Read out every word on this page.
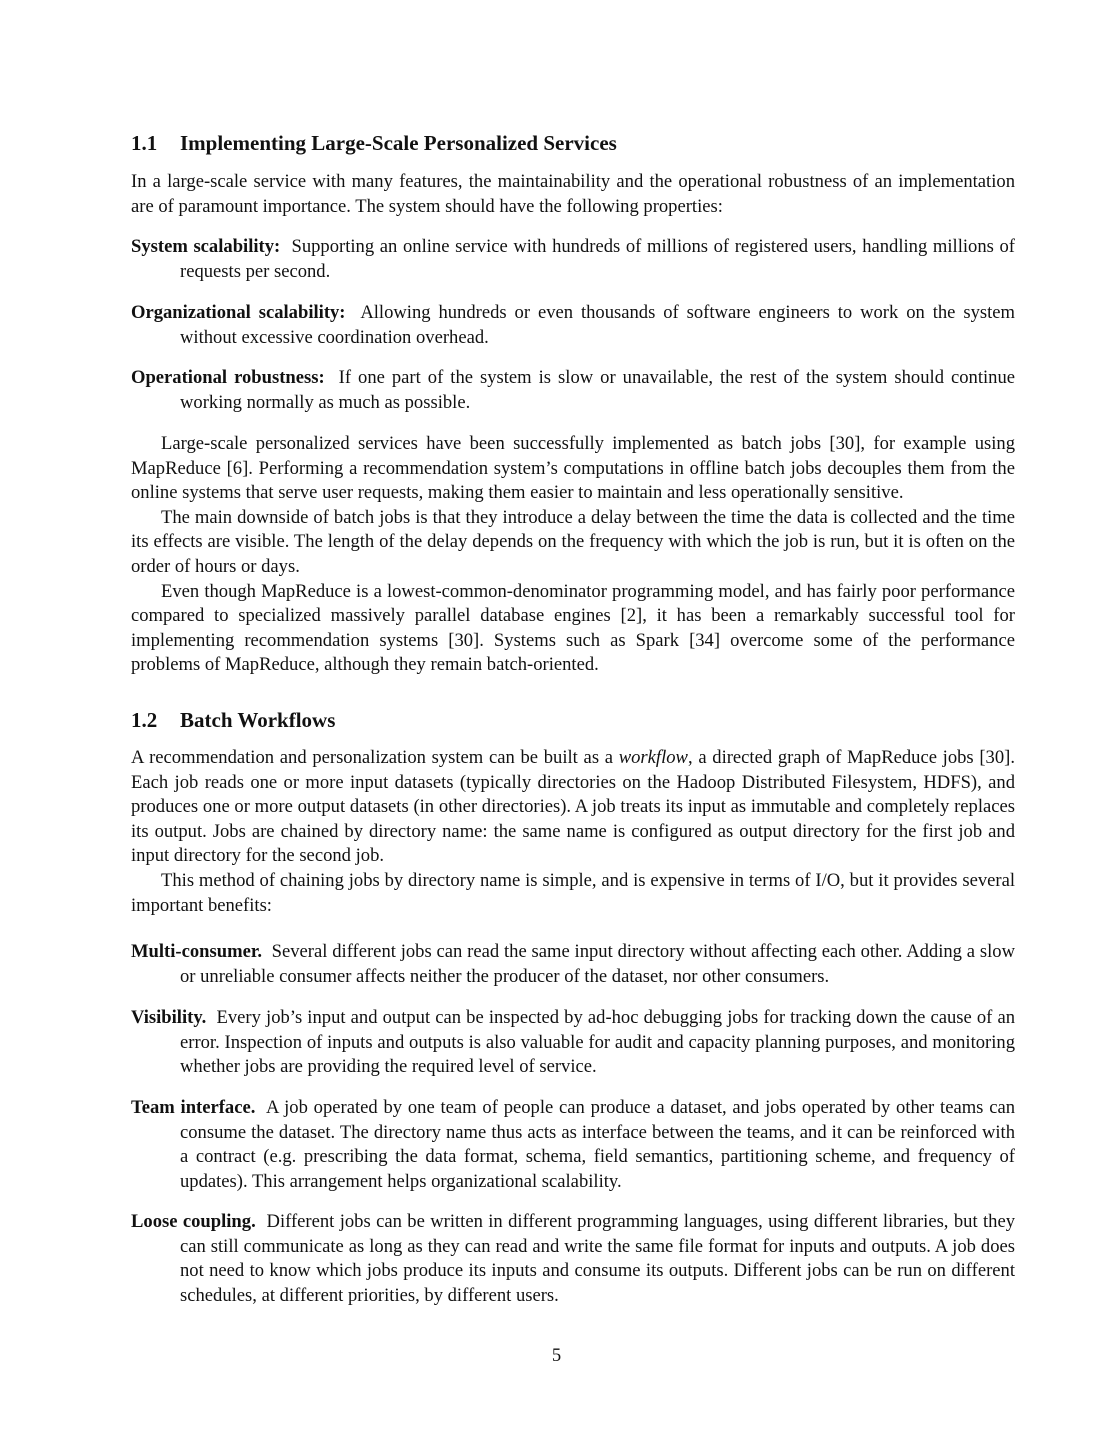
1.1 Implementing Large-Scale Personalized Services

In a large-scale service with many features, the maintainability and the operational robustness of an implementation are of paramount importance. The system should have the following properties:

System scalability: Supporting an online service with hundreds of millions of registered users, handling millions of requests per second.

Organizational scalability: Allowing hundreds or even thousands of software engineers to work on the system without excessive coordination overhead.

Operational robustness: If one part of the system is slow or unavailable, the rest of the system should continue working normally as much as possible.

Large-scale personalized services have been successfully implemented as batch jobs [30], for example using MapReduce [6]. Performing a recommendation system’s computations in offline batch jobs decouples them from the online systems that serve user requests, making them easier to maintain and less operationally sensitive.

The main downside of batch jobs is that they introduce a delay between the time the data is collected and the time its effects are visible. The length of the delay depends on the frequency with which the job is run, but it is often on the order of hours or days.

Even though MapReduce is a lowest-common-denominator programming model, and has fairly poor performance compared to specialized massively parallel database engines [2], it has been a remarkably successful tool for implementing recommendation systems [30]. Systems such as Spark [34] overcome some of the performance problems of MapReduce, although they remain batch-oriented.

1.2 Batch Workflows

A recommendation and personalization system can be built as a workflow, a directed graph of MapReduce jobs [30]. Each job reads one or more input datasets (typically directories on the Hadoop Distributed Filesystem, HDFS), and produces one or more output datasets (in other directories). A job treats its input as immutable and completely replaces its output. Jobs are chained by directory name: the same name is configured as output directory for the first job and input directory for the second job.

This method of chaining jobs by directory name is simple, and is expensive in terms of I/O, but it provides several important benefits:

Multi-consumer. Several different jobs can read the same input directory without affecting each other. Adding a slow or unreliable consumer affects neither the producer of the dataset, nor other consumers.

Visibility. Every job’s input and output can be inspected by ad-hoc debugging jobs for tracking down the cause of an error. Inspection of inputs and outputs is also valuable for audit and capacity planning purposes, and monitoring whether jobs are providing the required level of service.

Team interface. A job operated by one team of people can produce a dataset, and jobs operated by other teams can consume the dataset. The directory name thus acts as interface between the teams, and it can be reinforced with a contract (e.g. prescribing the data format, schema, field semantics, partitioning scheme, and frequency of updates). This arrangement helps organizational scalability.

Loose coupling. Different jobs can be written in different programming languages, using different libraries, but they can still communicate as long as they can read and write the same file format for inputs and outputs. A job does not need to know which jobs produce its inputs and consume its outputs. Different jobs can be run on different schedules, at different priorities, by different users.

5
